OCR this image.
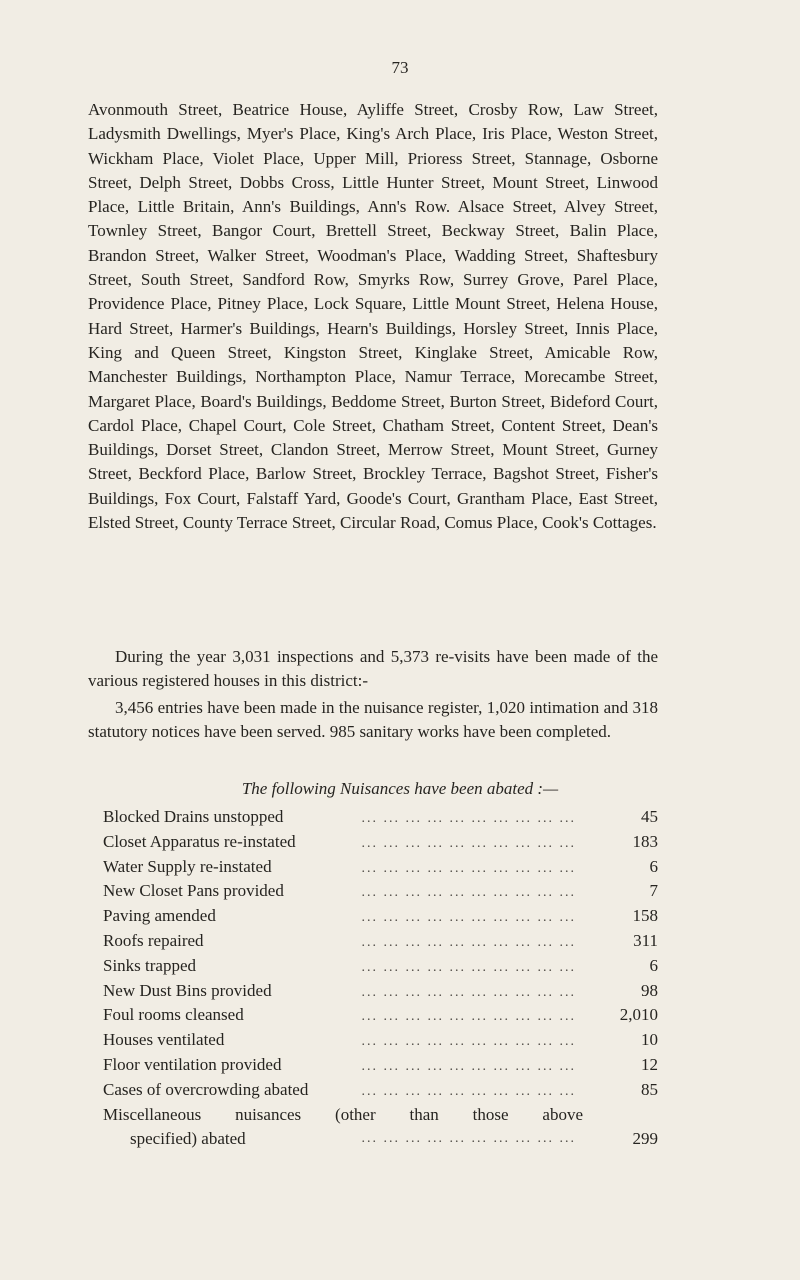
73

Avonmouth Street, Beatrice House, Ayliffe Street, Crosby Row, Law Street, Ladysmith Dwellings, Myer's Place, King's Arch Place, Iris Place, Weston Street, Wickham Place, Violet Place, Upper Mill, Prioress Street, Stannage, Osborne Street, Delph Street, Dobbs Cross, Little Hunter Street, Mount Street, Linwood Place, Little Britain, Ann's Buildings, Ann's Row. Alsace Street, Alvey Street, Townley Street, Bangor Court, Brettell Street, Beckway Street, Balin Place, Brandon Street, Walker Street, Woodman's Place, Wadding Street, Shaftesbury Street, South Street, Sandford Row, Smyrks Row, Surrey Grove, Parel Place, Providence Place, Pitney Place, Lock Square, Little Mount Street, Helena House, Hard Street, Harmer's Buildings, Hearn's Buildings, Horsley Street, Innis Place, King and Queen Street, Kingston Street, Kinglake Street, Amicable Row, Manchester Buildings, Northampton Place, Namur Terrace, Morecambe Street, Margaret Place, Board's Buildings, Beddome Street, Burton Street, Bideford Court, Cardol Place, Chapel Court, Cole Street, Chatham Street, Content Street, Dean's Buildings, Dorset Street, Clandon Street, Merrow Street, Mount Street, Gurney Street, Beckford Place, Barlow Street, Brockley Terrace, Bagshot Street, Fisher's Buildings, Fox Court, Falstaff Yard, Goode's Court, Grantham Place, East Street, Elsted Street, County Terrace Street, Circular Road, Comus Place, Cook's Cottages.

During the year 3,031 inspections and 5,373 re-visits have been made of the various registered houses in this district:-

3,456 entries have been made in the nuisance register, 1,020 intimation and 318 statutory notices have been served. 985 sanitary works have been completed.

The following Nuisances have been abated :—
Blocked Drains unstopped	... ... ... ... ... ... ... ... ... ...	45
Closet Apparatus re-instated	... ... ... ... ... ... ... ... ... ...	183
Water Supply re-instated	... ... ... ... ... ... ... ... ... ...	6
New Closet Pans provided	... ... ... ... ... ... ... ... ... ...	7
Paving amended	... ... ... ... ... ... ... ... ... ...	158
Roofs repaired	... ... ... ... ... ... ... ... ... ...	311
Sinks trapped	... ... ... ... ... ... ... ... ... ...	6
New Dust Bins provided	... ... ... ... ... ... ... ... ... ...	98
Foul rooms cleansed	... ... ... ... ... ... ... ... ... ...	2,010
Houses ventilated	... ... ... ... ... ... ... ... ... ...	10
Floor ventilation provided	... ... ... ... ... ... ... ... ... ...	12
Cases of overcrowding abated	... ... ... ... ... ... ... ... ... ...	85
Miscellaneous nuisances (other than those above
specified) abated	... ... ... ... ... ... ... ... ... ...	299
